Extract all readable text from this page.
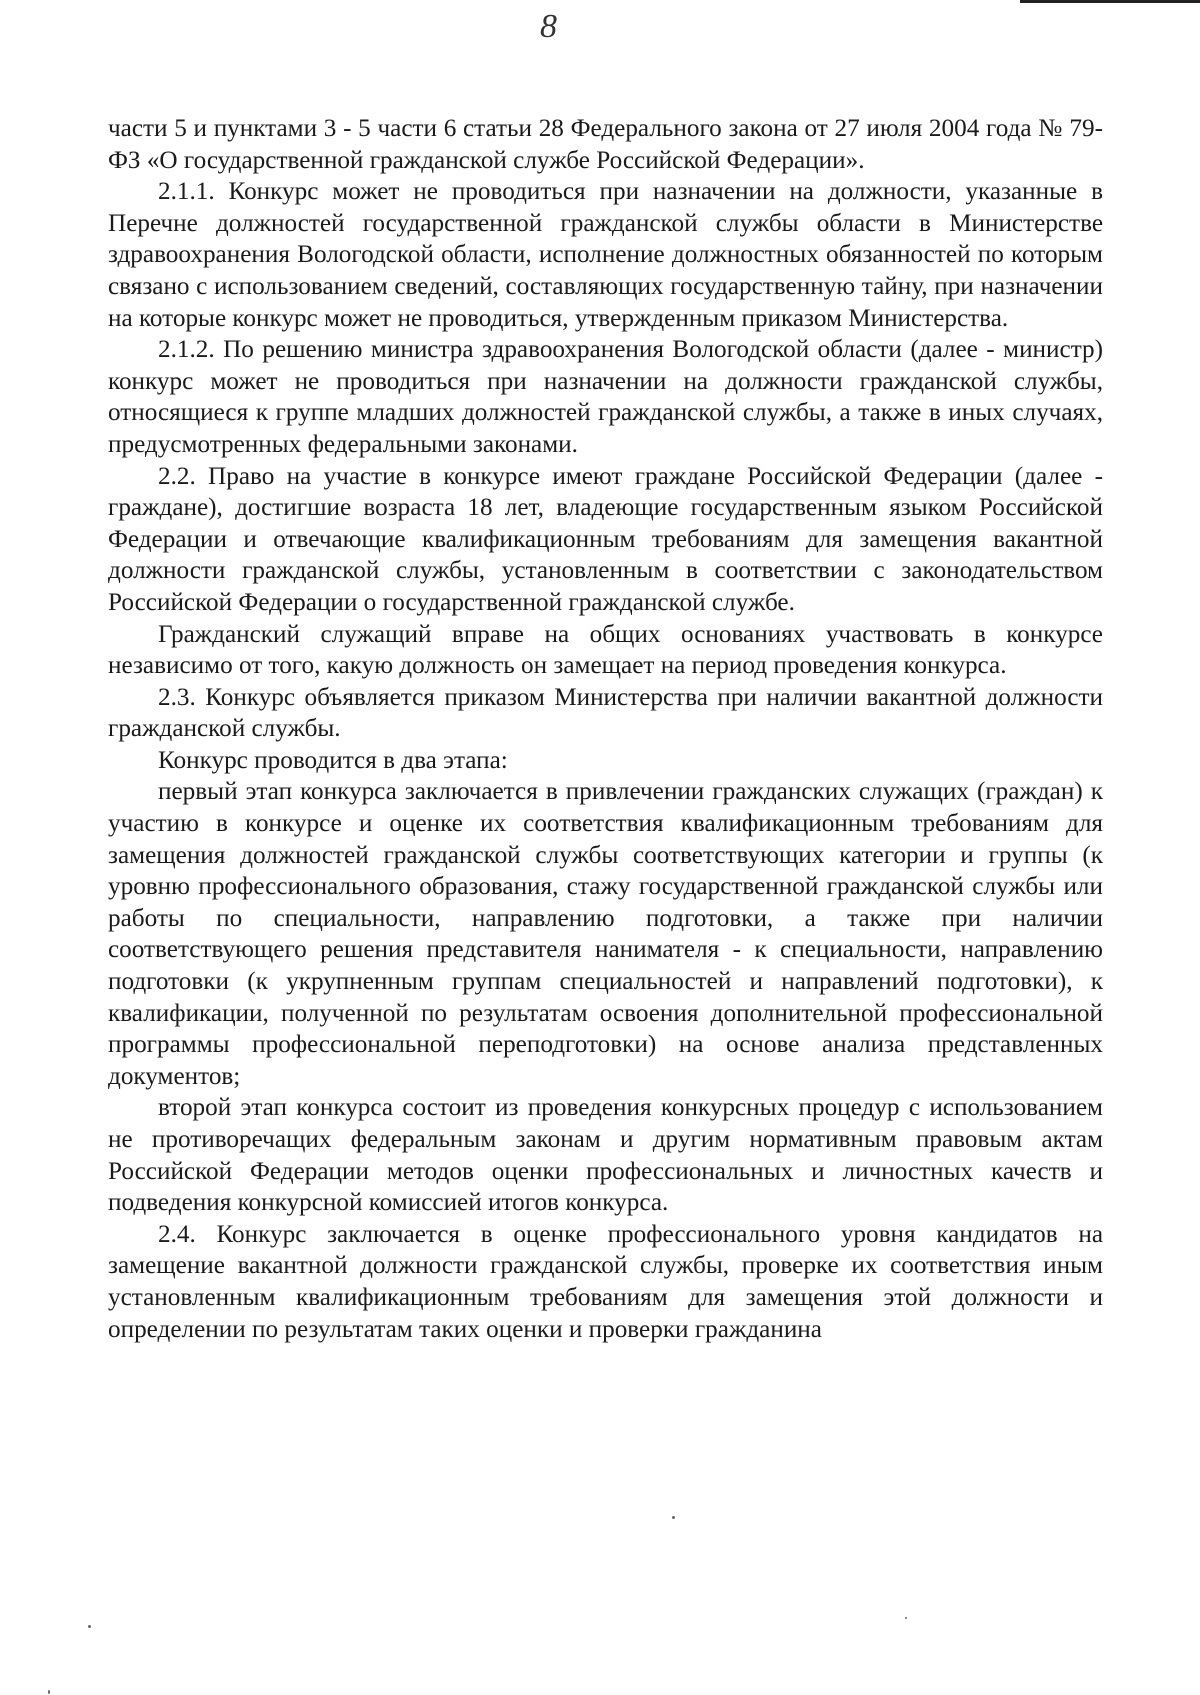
8

части 5 и пунктами 3 - 5 части 6 статьи 28 Федерального закона от 27 июля 2004 года № 79-ФЗ «О государственной гражданской службе Российской Федерации».

2.1.1. Конкурс может не проводиться при назначении на должности, указанные в Перечне должностей государственной гражданской службы области в Министерстве здравоохранения Вологодской области, исполнение должностных обязанностей по которым связано с использованием сведений, составляющих государственную тайну, при назначении на которые конкурс может не проводиться, утвержденным приказом Министерства.

2.1.2. По решению министра здравоохранения Вологодской области (далее - министр) конкурс может не проводиться при назначении на должности гражданской службы, относящиеся к группе младших должностей гражданской службы, а также в иных случаях, предусмотренных федеральными законами.

2.2. Право на участие в конкурсе имеют граждане Российской Федерации (далее - граждане), достигшие возраста 18 лет, владеющие государственным языком Российской Федерации и отвечающие квалификационным требованиям для замещения вакантной должности гражданской службы, установленным в соответствии с законодательством Российской Федерации о государственной гражданской службе.

Гражданский служащий вправе на общих основаниях участвовать в конкурсе независимо от того, какую должность он замещает на период проведения конкурса.

2.3. Конкурс объявляется приказом Министерства при наличии вакантной должности гражданской службы.

Конкурс проводится в два этапа:

первый этап конкурса заключается в привлечении гражданских служащих (граждан) к участию в конкурсе и оценке их соответствия квалификационным требованиям для замещения должностей гражданской службы соответствующих категории и группы (к уровню профессионального образования, стажу государственной гражданской службы или работы по специальности, направлению подготовки, а также при наличии соответствующего решения представителя нанимателя - к специальности, направлению подготовки (к укрупненным группам специальностей и направлений подготовки), к квалификации, полученной по результатам освоения дополнительной профессиональной программы профессиональной переподготовки) на основе анализа представленных документов;

второй этап конкурса состоит из проведения конкурсных процедур с использованием не противоречащих федеральным законам и другим нормативным правовым актам Российской Федерации методов оценки профессиональных и личностных качеств и подведения конкурсной комиссией итогов конкурса.

2.4. Конкурс заключается в оценке профессионального уровня кандидатов на замещение вакантной должности гражданской службы, проверке их соответствия иным установленным квалификационным требованиям для замещения этой должности и определении по результатам таких оценки и проверки гражданина
